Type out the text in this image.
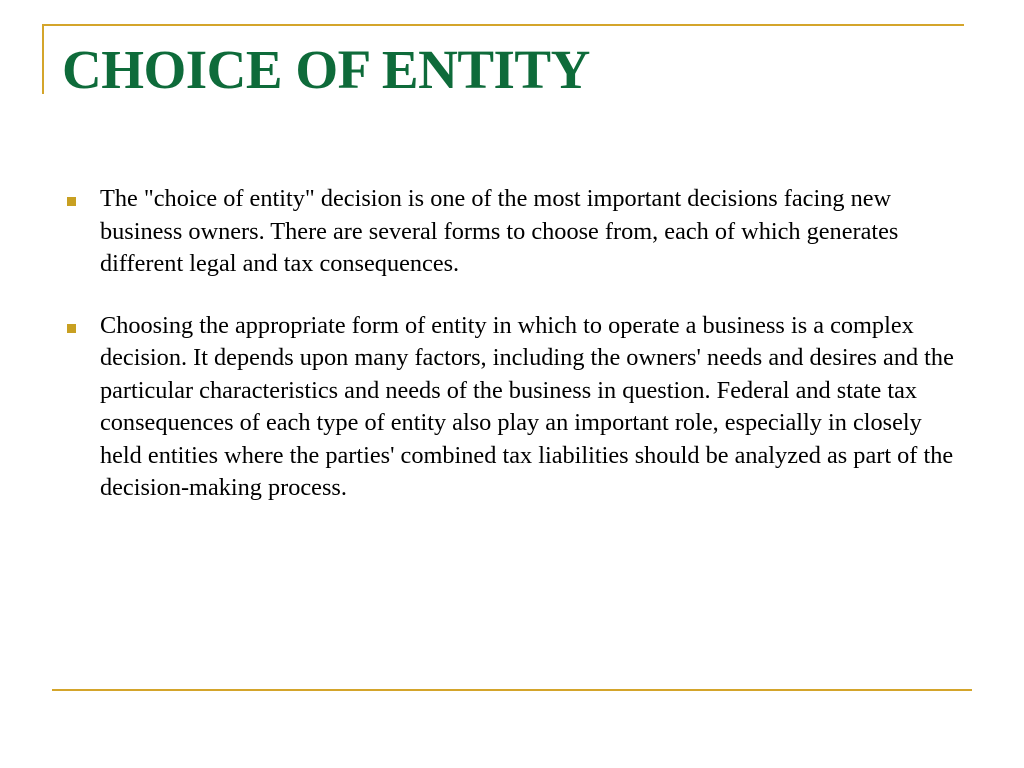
CHOICE OF ENTITY
The "choice of entity" decision is one of the most important decisions facing new business owners. There are several forms to choose from, each of which generates different legal and tax consequences.
Choosing the appropriate form of entity in which to operate a business is a complex decision. It depends upon many factors, including the owners' needs and desires and the particular characteristics and needs of the business in question. Federal and state tax consequences of each type of entity also play an important role, especially in closely held entities where the parties' combined tax liabilities should be analyzed as part of the decision-making process.
